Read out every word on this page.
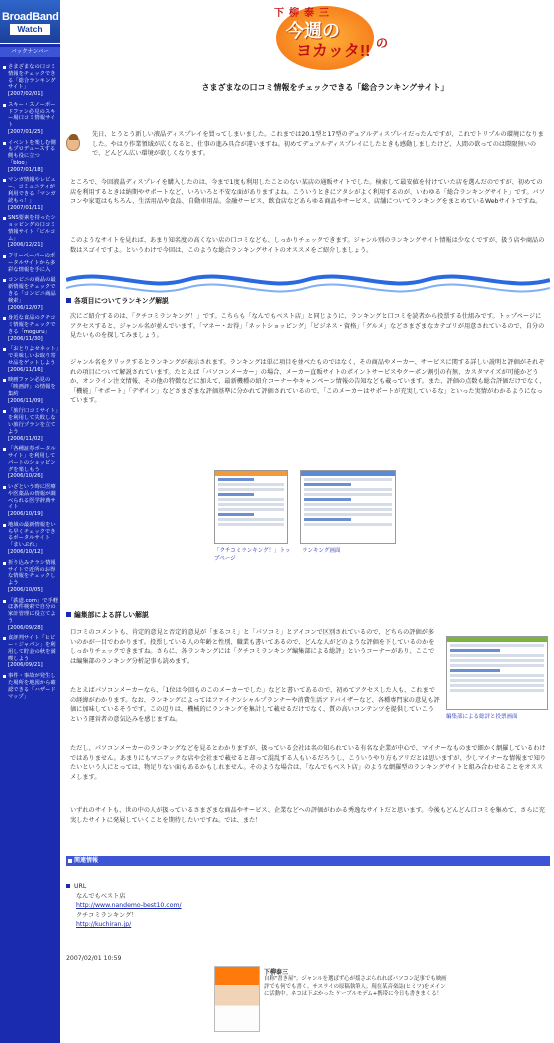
BroadBand
Watch
バックナンバー
さまざまなの口コミ情報をチェックできる「総合ランキングサイト」
[2007/02/01]
スキー・スノーボードファン必見のスキー場口コミ情報サイト
[2007/01/25]
イベントを楽しむ側もプロデュースする側も役に立つ「bloo」
[2007/01/18]
マンガ情報やレビュー、コミュニティが利用できる「マンガ読もっ！」
[2007/01/11]
SNS要素を持ったショッピングの口コミ情報サイト「ビルコム」
[2006/12/21]
フリーペーパーのポータルサイトから多彩な情報を手に入
コンビニの商品の最新情報をチェックできる「コンビニ商品検索」
[2006/12/07]
身近な食品のクチコミ情報をチェックできる「moguru」
[2006/11/30]
「おとりよせネット」で美味しいお取り寄せ品をゲットしよう
[2006/11/16]
映画ファン必見の「映画評」の情報を集約
[2006/11/09]
「旅行口コミサイト」を利用して失敗しない旅行プランを立てよう
[2006/11/02]
「各種証券ポータルサイト」を利用してパートのショッピングを楽しもう
[2006/10/26]
いざという時に医療や医薬品の情報が調べられる医学辞典サイト
[2006/10/19]
地域の最新情報をいち早くチェックできるポータルサイト「まいぷれ」
[2006/10/12]
折り込みチラシ情報サイトで近所のお得な情報をチェックしよう
[2006/10/05]
「鉄道.com」で手軽ほ条件検索で自分の家計管理に役立てよう
[2006/09/28]
食評判サイト「ヒビー・ジャパン」を利用して貯金の秋を満喫しよう
[2006/09/21]
事件・事故が発生した場所を地図から確認できる「ハザードマップ」
下柳泰三
今週の
ヨカッタ!! の
さまざまなの口コミ情報をチェックできる「総合ランキングサイト」
先日、とうとう新しい液晶ディスプレイを買ってしまいました。これまでは20.1型と17型のデュアルディスプレイだったんですが、これでトリプルの環境になりました。やはり作業領域が広くなると、仕事の進み具合が違いますね。初めてデュアルディスプレイにしたときも感動しましたけど、人間の欲ってのは際限無いので、どんどん広い環境が欲しくなります。
ところで、今回液晶ディスプレイを購入したのは、今まで1度も利用したことのない某店の通販サイトでした。検索して最安値を付けていた店を選んだのですが、初めての店を利用するときは納期やサポートなど、いろいろと不安な面がありますよね。こういうときにアタシがよく利用するのが、いわゆる「総合ランキングサイト」です。パソコンや家電はもちろん、生活用品や食品、自動車用品、金融サービス、飲食店などあらゆる商品やサービス、店舗についてランキングをまとめているWebサイトですね。
このようなサイトを見れば、あまり知名度の高くない店の口コミなども、しっかりチェックできます。ジャンル別のランキングサイト情報は少なくですが、扱う店や商品の数はスゴイですよ。というわけで今回は、このような総合ランキングサイトのオススメをご紹介しましょう。
各項目についてランキング解説
次にご紹介するのは、「クチコミランキング！」です。こちらも「なんでもベスト店」と同じように、ランキングと口コミを読者から投票する仕組みです。トップページにアクセスすると、ジャンル名が並んでいます。「マネー・お得」「ネットショッピング」「ビジネス・資格」「グルメ」などさまざまなカテゴリが用意されているので、自分の見たいものを探してみましょう。
ジャンル名をクリックするとランキングが表示されます。ランキングは単に項目を並べたものではなく、その商品やメーカー、サービスに関する詳しい説明と評価がそれぞれの項目について解説されています。たとえば「パソコンメーカー」の場合、メーカー直販サイトのポイントサービスやクーポン割引の有無、カスタマイズが可能かどうか、オンライン注文情報、その他の特徴などに加えて、最新機種の紹介コーナーやキャンペーン情報の告知なども載っています。また、評価の点数も総合評価だけでなく、「機能」「サポート」「デザイン」などさまざまな評価基準に分かれて評価されているので、「このメーカーはサポートが充実しているな」といった実情がわかるようになっています。
「クチコミランキング！」トップページ
ランキング画面
編集部による詳しい解説
口コミのコメントも、肯定的意見と否定的意見が「まるコミ」と「パソコミ」とアイコンで区別されているので、どちらの評価が多いのかが一目でわかります。投票している人の年齢と性別、職業も書いてあるので、どんな人がどのような評価を下しているのかをしっかりチェックできますね。さらに、各ランキングには「クチコミランキング編集部による総評」というコーナーがあり、ここでは編集部のランキング分析記事も読めます。
たとえばパソコンメーカーなら、「1位は今回ものこのメーカーでした」などと書いてあるので、初めてアクセスした人も、これまでの経緯がわかります。なお、ランキングによってはファイナンシャルプランナーや消費生活アドバイザーなど、各種専門家の意見も評価に加味しているそうです。この辺りは、機械的にランキングを集計して載せるだけでなく、質の高いコンテンツを提供していこうという運営者の意気込みを感じますね。	編集部による総評と投票画面
ただし、パソコンメーカーのランキングなどを見るとわかりますが、扱っている会社は名の知られている有名な企業が中心で、マイナーなものまで細かく網羅しているわけではありません。あまりにもマニアックな店や会社まで載せると却って混乱する人もいるだろうし、こういうやり方もアリだとは思いますが、少しマイナーな情報まで知りたいという人にとっては、物足りない面もあるかもしれません。そのような場合は、「なんでもベスト店」のような網羅型のランキングサイトと組み合わせることをオススメします。
いずれのサイトも、世の中の人が扱っているさまざまな商品やサービス、企業などへの評価がわかる秀逸なサイトだと思います。今後もどんどん口コミを集めて、さらに充実したサイトに発展していくことを期待したいですね。では、また！
関連情報
URL
なんでもベスト店
http://www.nandemo-best10.com/
クチコミランキング！
http://kuchiran.jp/
2007/02/01 10:59
下柳泰三
自称"書き屋"。ジャンルを選ばず心が揺さぶられればパソコン記事でも映画評でも何でも書く。サスライの原稿執筆人。現在某音楽誌(ヒミツ)をメインに活動中。ネコは下ぶかった ケーブルモデム+携帯に今日も書きまくる！
